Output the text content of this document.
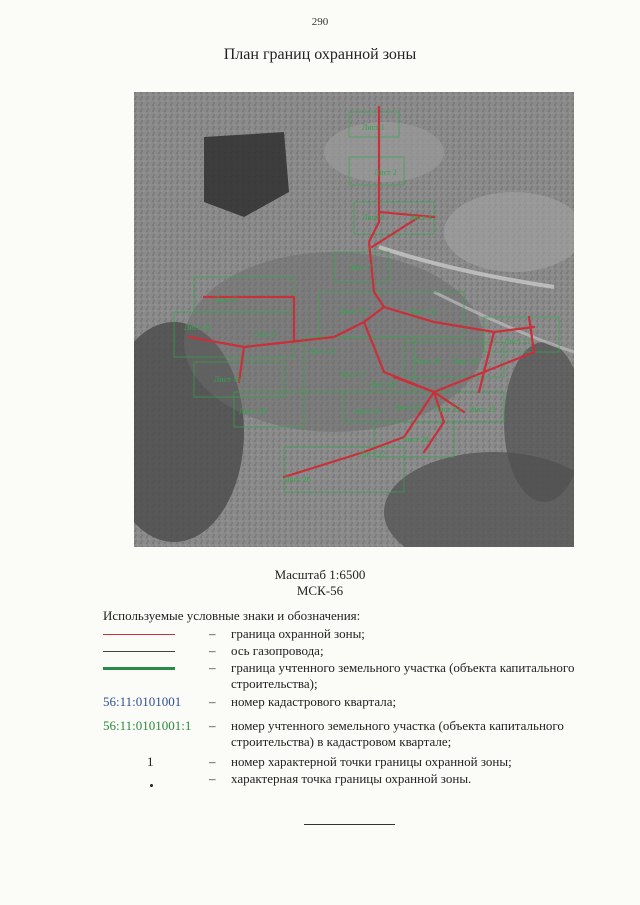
290
План границ охранной зоны
Лист 1
Лист 2
Лист 3	Лист 4
Лист 7
Лист 8
Лист 9
Лист 10
Лист 12
Лист 13	Лист 14
Лист 16
Лист 17
Лист 18 Лист 19
Лист 20
Лист 21
Лист 22 Лист 23
Лист 24
Лист 25
Лист 26
Лист 27
Лист 28
Лист 29
Масштаб 1:6500
МСК-56
Используемые условные знаки и обозначения:
– граница охранной зоны;
– ось газопровода;
– граница учтенного земельного участка (объекта капитального строительства);
56:11:0101001	– номер кадастрового квартала;
56:11:0101001:1	– номер учтенного земельного участка (объекта капитального строительства) в кадастровом квартале;
1	– номер характерной точки границы охранной зоны;
– характерная точка границы охранной зоны.
